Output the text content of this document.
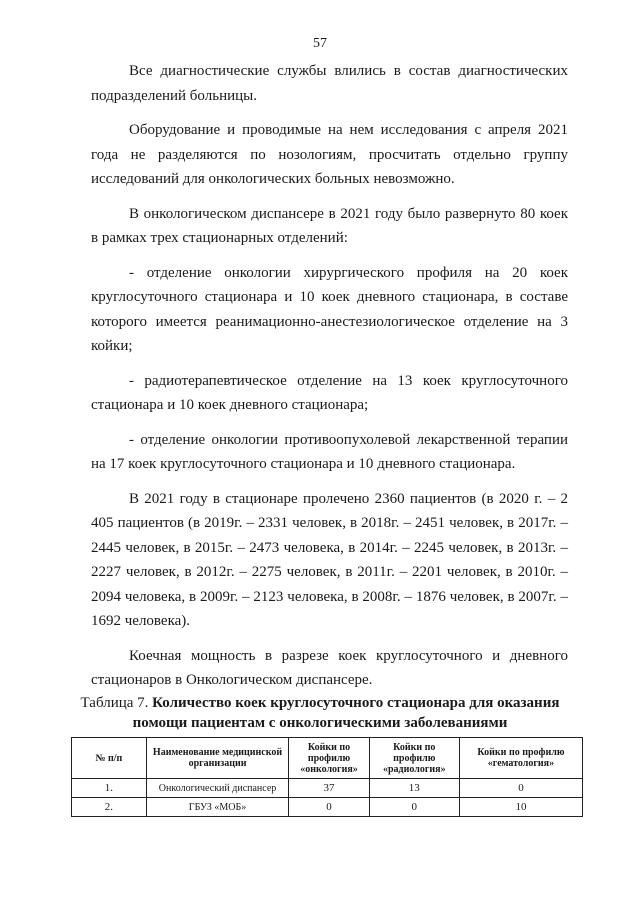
57

Все диагностические службы влились в состав диагностических подразделений больницы.

Оборудование и проводимые на нем исследования с апреля 2021 года не разделяются по нозологиям, просчитать отдельно группу исследований для онкологических больных невозможно.

В онкологическом диспансере в 2021 году было развернуто 80 коек в рамках трех стационарных отделений:

- отделение онкологии хирургического профиля на 20 коек круглосуточного стационара и 10 коек дневного стационара, в составе которого имеется реанимационно-анестезиологическое отделение на 3 койки;

- радиотерапевтическое отделение на 13 коек круглосуточного стационара и 10 коек дневного стационара;

- отделение онкологии противоопухолевой лекарственной терапии на 17 коек круглосуточного стационара и 10 дневного стационара.

В 2021 году в стационаре пролечено 2360 пациентов (в 2020 г. – 2 405 пациентов (в 2019г. – 2331 человек, в 2018г. – 2451 человек, в 2017г. – 2445 человек, в 2015г. – 2473 человека, в 2014г. – 2245 человек, в 2013г. – 2227 человек, в 2012г. – 2275 человек, в 2011г. – 2201 человек, в 2010г. – 2094 человека, в 2009г. – 2123 человека, в 2008г. – 1876 человек, в 2007г. – 1692 человека).

Коечная мощность в разрезе коек круглосуточного и дневного стационаров в Онкологическом диспансере.

Таблица 7. Количество коек круглосуточного стационара для оказания помощи пациентам с онкологическими заболеваниями
№ п/п	Наименование медицинской организации	Койки по профилю «онкология»	Койки по профилю «радиология»	Койки по профилю «гематология»
1.	Онкологический диспансер	37	13	0
2.	ГБУЗ «МОБ»	0	0	10
